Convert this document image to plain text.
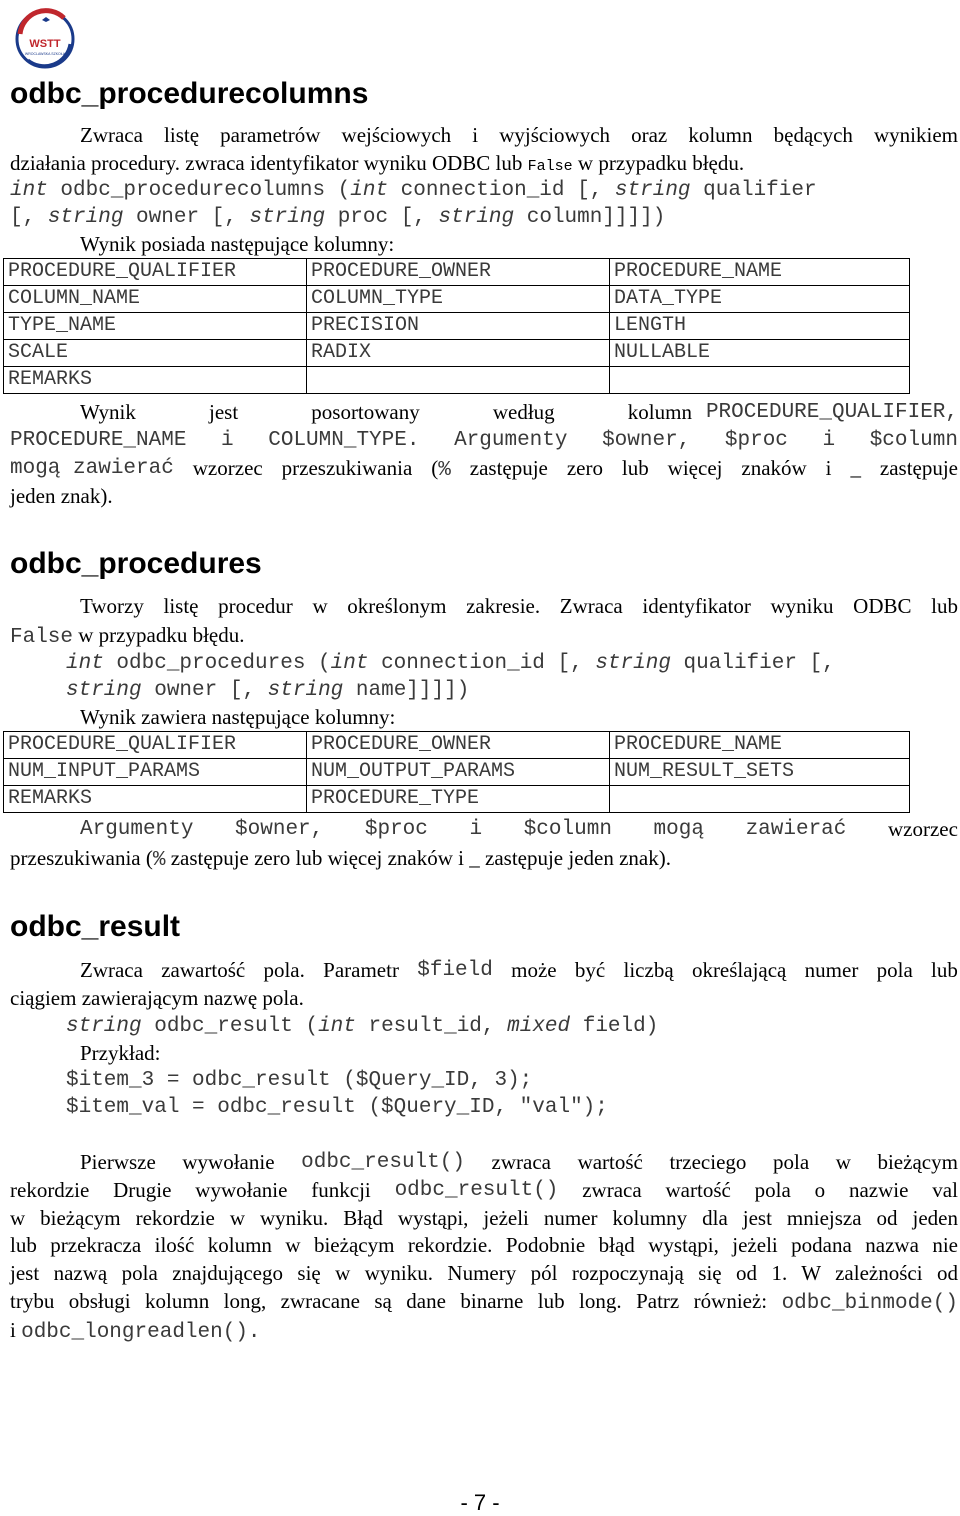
WSTT
WROCLAWSKA SZKOŁA
odbc_procedurecolumns
Zwraca listę parametrów wejściowych i wyjściowych oraz kolumn będących wynikiem
działania procedury. zwraca identyfikator wyniku ODBC lub False w przypadku błędu.
int odbc_procedurecolumns (int connection_id [, string qualifier
[, string owner [, string proc [, string column]]]])
Wynik posiada następujące kolumny:
PROCEDURE_QUALIFIER	PROCEDURE_OWNER	PROCEDURE_NAME
COLUMN_NAME	COLUMN_TYPE	DATA_TYPE
TYPE_NAME	PRECISION	LENGTH
SCALE	RADIX	NULLABLE
REMARKS		
Wynik	jest	posortowany	według	kolumn PROCEDURE_QUALIFIER,
PROCEDURE_NAME i COLUMN_TYPE. Argumenty $owner, $proc i $column
mogą zawierać wzorzec przeszukiwania (% zastępuje zero lub więcej znaków i _ zastępuje
jeden znak).
odbc_procedures
Tworzy listę procedur w określonym zakresie. Zwraca identyfikator wyniku ODBC lub
False w przypadku błędu.
int odbc_procedures (int connection_id [, string qualifier [,
string owner [, string name]]]])
Wynik zawiera następujące kolumny:
PROCEDURE_QUALIFIER	PROCEDURE_OWNER	PROCEDURE_NAME
NUM_INPUT_PARAMS	NUM_OUTPUT_PARAMS	NUM_RESULT_SETS
REMARKS	PROCEDURE_TYPE	
Argumenty $owner, $proc i $column mogą zawierać wzorzec
przeszukiwania (% zastępuje zero lub więcej znaków i _ zastępuje jeden znak).
odbc_result
Zwraca zawartość pola. Parametr $field może być liczbą określającą numer pola lub
ciągiem zawierającym nazwę pola.
string odbc_result (int result_id, mixed field)
Przykład:
$item_3 = odbc_result ($Query_ID, 3);
$item_val = odbc_result ($Query_ID, "val");
Pierwsze wywołanie odbc_result() zwraca wartość trzeciego pola w bieżącym
rekordzie Drugie wywołanie funkcji odbc_result() zwraca wartość pola o nazwie val
w bieżącym rekordzie w wyniku. Błąd wystąpi, jeżeli numer kolumny dla jest mniejsza od jeden
lub przekracza ilość kolumn w bieżącym rekordzie. Podobnie błąd wystąpi, jeżeli podana nazwa nie
jest nazwą pola znajdującego się w wyniku. Numery pól rozpoczynają się od 1. W zależności od
trybu obsługi kolumn long, zwracane są dane binarne lub long. Patrz również: odbc_binmode()
i odbc_longreadlen().
- 7 -
